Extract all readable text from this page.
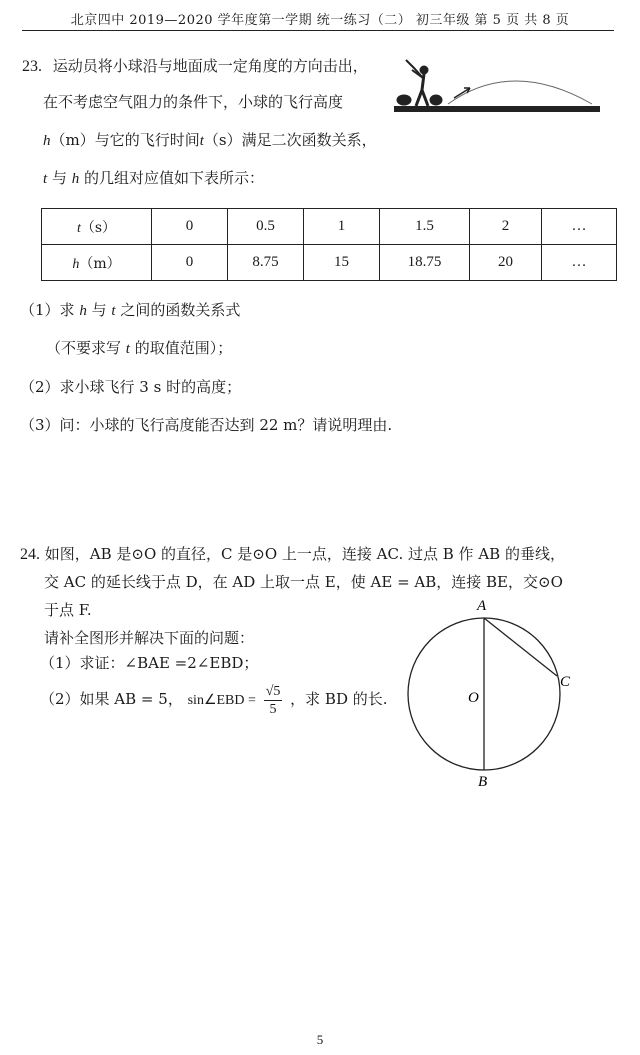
北京四中 2019—2020 学年度第一学期 统一练习（二） 初三年级 第 5 页 共 8 页
23. 运动员将小球沿与地面成一定角度的方向击出，
在不考虑空气阻力的条件下，小球的飞行高度
h（m）与它的飞行时间t（s）满足二次函数关系，
t 与 h 的几组对应值如下表所示：
t（s）	0	0.5	1	1.5	2	…
h（m）	0	8.75	15	18.75	20	…
（1）求 h 与 t 之间的函数关系式
（不要求写 t 的取值范围）；
（2）求小球飞行 3 s 时的高度；
（3）问：小球的飞行高度能否达到 22 m？请说明理由.
24. 如图，AB 是⊙O 的直径，C 是⊙O 上一点，连接 AC. 过点 B 作 AB 的垂线，
交 AC 的延长线于点 D，在 AD 上取一点 E，使 AE = AB，连接 BE，交⊙O
于点 F.
请补全图形并解决下面的问题：
（1）求证：∠BAE =2∠EBD；
（2）如果 AB = 5， sin∠EBD = $\frac{√5}{5}$ ，求 BD 的长.
A
B
C
O
5
